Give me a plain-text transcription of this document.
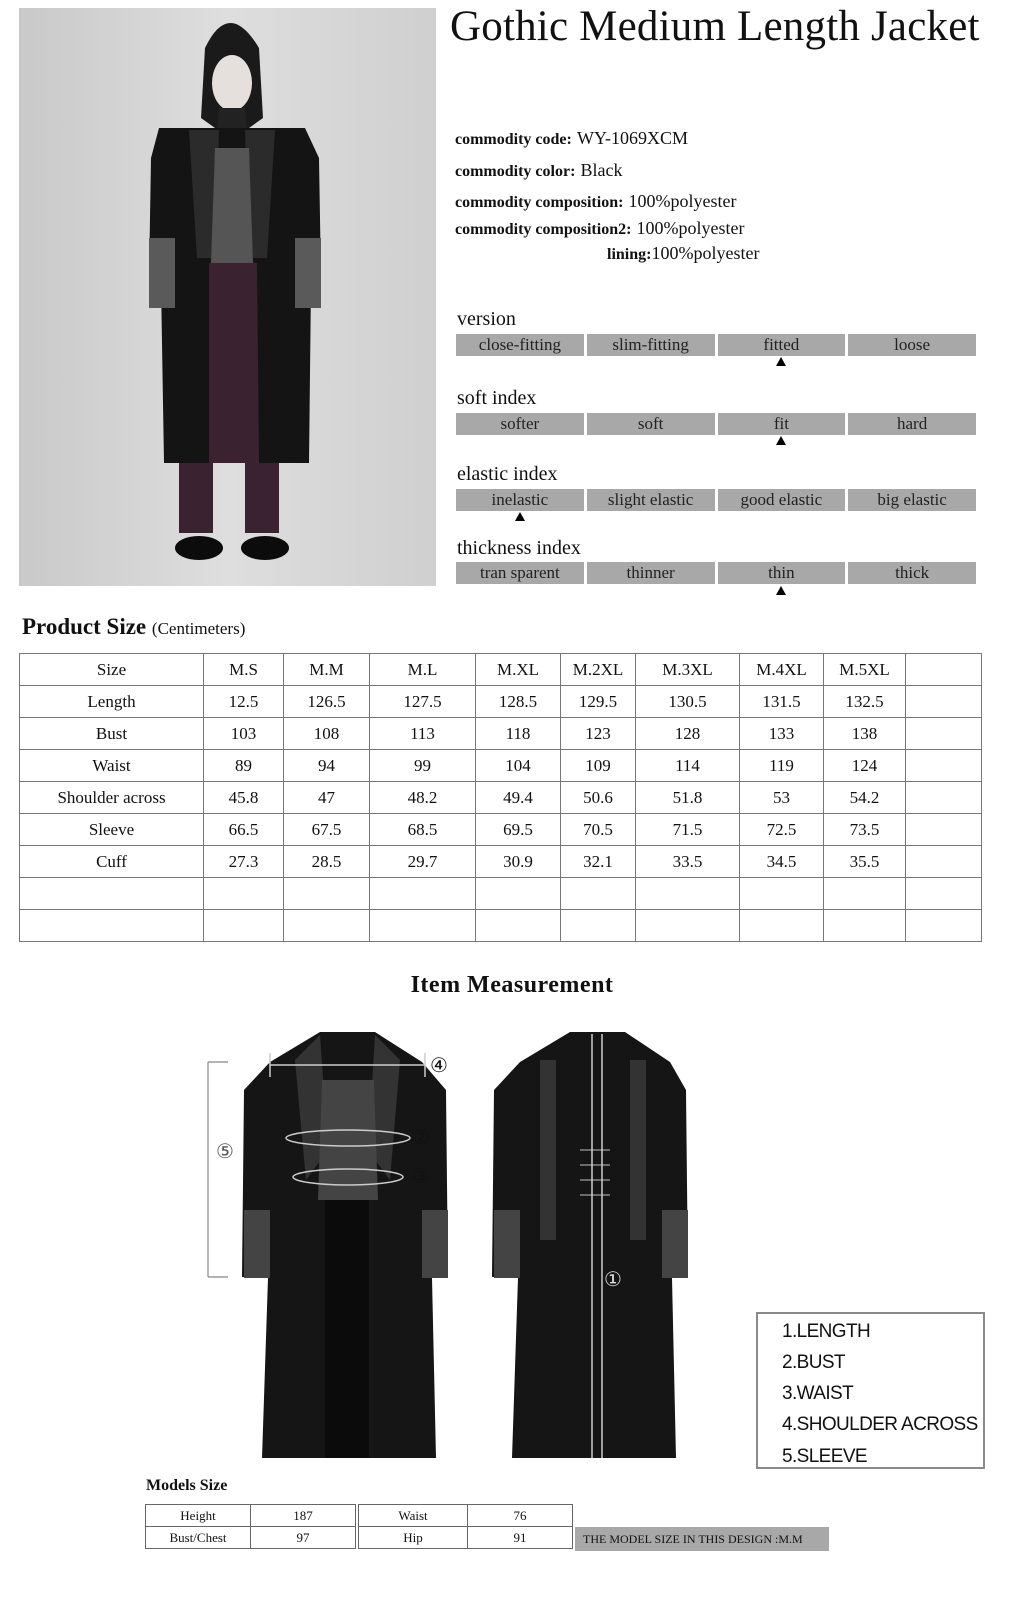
Gothic Medium Length Jacket
commodity code: WY-1069XCM
commodity color: Black
commodity composition: 100%polyester
commodity composition2: 100%polyester
lining:100%polyester
version
close-fitting	slim-fitting	fitted	loose
soft index
softer	soft	fit	hard
elastic index
inelastic	slight elastic	good elastic	big elastic
thickness index
tran sparent	thinner	thin	thick
Product Size (Centimeters)
Size	M.S	M.M	M.L	M.XL	M.2XL	M.3XL	M.4XL	M.5XL	
Length	12.5	126.5	127.5	128.5	129.5	130.5	131.5	132.5	
Bust	103	108	113	118	123	128	133	138	
Waist	89	94	99	104	109	114	119	124	
Shoulder across	45.8	47	48.2	49.4	50.6	51.8	53	54.2	
Sleeve	66.5	67.5	68.5	69.5	70.5	71.5	72.5	73.5	
Cuff	27.3	28.5	29.7	30.9	32.1	33.5	34.5	35.5	

Item Measurement
④
②
③
⑤
①
1.LENGTH
2.BUST
3.WAIST
4.SHOULDER ACROSS
5.SLEEVE
Models Size
Height	187
Bust/Chest	97
Waist	76
Hip	91	THE MODEL SIZE IN THIS DESIGN :M.M
